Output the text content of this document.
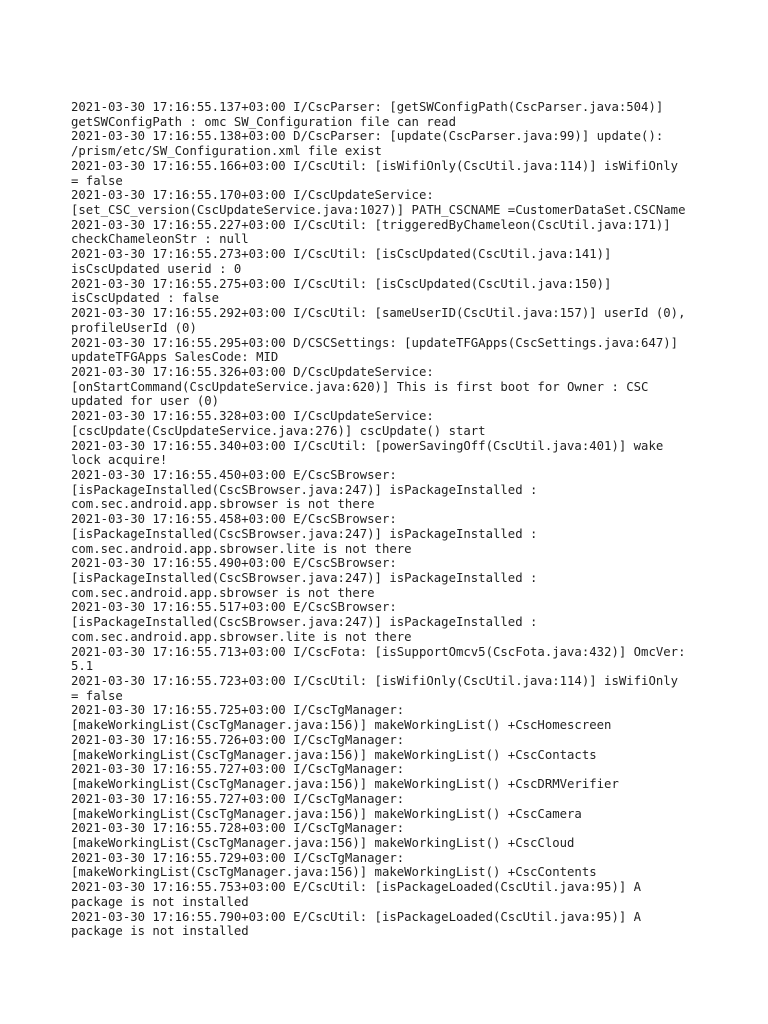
2021-03-30 17:16:55.137+03:00 I/CscParser: [getSWConfigPath(CscParser.java:504)]
getSWConfigPath : omc SW_Configuration file can read
2021-03-30 17:16:55.138+03:00 D/CscParser: [update(CscParser.java:99)] update():
/prism/etc/SW_Configuration.xml file exist
2021-03-30 17:16:55.166+03:00 I/CscUtil: [isWifiOnly(CscUtil.java:114)] isWifiOnly
= false
2021-03-30 17:16:55.170+03:00 I/CscUpdateService:
[set_CSC_version(CscUpdateService.java:1027)] PATH_CSCNAME =CustomerDataSet.CSCName
2021-03-30 17:16:55.227+03:00 I/CscUtil: [triggeredByChameleon(CscUtil.java:171)]
checkChameleonStr : null
2021-03-30 17:16:55.273+03:00 I/CscUtil: [isCscUpdated(CscUtil.java:141)]
isCscUpdated userid : 0
2021-03-30 17:16:55.275+03:00 I/CscUtil: [isCscUpdated(CscUtil.java:150)]
isCscUpdated : false
2021-03-30 17:16:55.292+03:00 I/CscUtil: [sameUserID(CscUtil.java:157)] userId (0),
profileUserId (0)
2021-03-30 17:16:55.295+03:00 D/CSCSettings: [updateTFGApps(CscSettings.java:647)]
updateTFGApps SalesCode: MID
2021-03-30 17:16:55.326+03:00 D/CscUpdateService:
[onStartCommand(CscUpdateService.java:620)] This is first boot for Owner : CSC
updated for user (0)
2021-03-30 17:16:55.328+03:00 I/CscUpdateService:
[cscUpdate(CscUpdateService.java:276)] cscUpdate() start
2021-03-30 17:16:55.340+03:00 I/CscUtil: [powerSavingOff(CscUtil.java:401)] wake
lock acquire!
2021-03-30 17:16:55.450+03:00 E/CscSBrowser:
[isPackageInstalled(CscSBrowser.java:247)] isPackageInstalled :
com.sec.android.app.sbrowser is not there
2021-03-30 17:16:55.458+03:00 E/CscSBrowser:
[isPackageInstalled(CscSBrowser.java:247)] isPackageInstalled :
com.sec.android.app.sbrowser.lite is not there
2021-03-30 17:16:55.490+03:00 E/CscSBrowser:
[isPackageInstalled(CscSBrowser.java:247)] isPackageInstalled :
com.sec.android.app.sbrowser is not there
2021-03-30 17:16:55.517+03:00 E/CscSBrowser:
[isPackageInstalled(CscSBrowser.java:247)] isPackageInstalled :
com.sec.android.app.sbrowser.lite is not there
2021-03-30 17:16:55.713+03:00 I/CscFota: [isSupportOmcv5(CscFota.java:432)] OmcVer:
5.1
2021-03-30 17:16:55.723+03:00 I/CscUtil: [isWifiOnly(CscUtil.java:114)] isWifiOnly
= false
2021-03-30 17:16:55.725+03:00 I/CscTgManager:
[makeWorkingList(CscTgManager.java:156)] makeWorkingList() +CscHomescreen
2021-03-30 17:16:55.726+03:00 I/CscTgManager:
[makeWorkingList(CscTgManager.java:156)] makeWorkingList() +CscContacts
2021-03-30 17:16:55.727+03:00 I/CscTgManager:
[makeWorkingList(CscTgManager.java:156)] makeWorkingList() +CscDRMVerifier
2021-03-30 17:16:55.727+03:00 I/CscTgManager:
[makeWorkingList(CscTgManager.java:156)] makeWorkingList() +CscCamera
2021-03-30 17:16:55.728+03:00 I/CscTgManager:
[makeWorkingList(CscTgManager.java:156)] makeWorkingList() +CscCloud
2021-03-30 17:16:55.729+03:00 I/CscTgManager:
[makeWorkingList(CscTgManager.java:156)] makeWorkingList() +CscContents
2021-03-30 17:16:55.753+03:00 E/CscUtil: [isPackageLoaded(CscUtil.java:95)] A
package is not installed
2021-03-30 17:16:55.790+03:00 E/CscUtil: [isPackageLoaded(CscUtil.java:95)] A
package is not installed
